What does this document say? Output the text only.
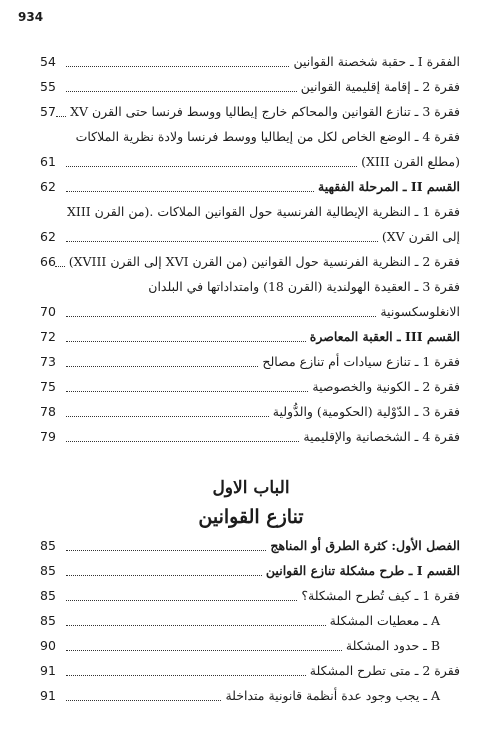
934
الفقرة I ـ حقبة شخصنة القوانين
54
فقرة 2 ـ إقامة إقليمية القوانين
55
فقرة 3 ـ تنازع القوانين والمحاكم خارج إيطاليا ووسط فرنسا حتى القرن XV
57
فقرة 4 ـ الوضع الخاص لكل من إيطاليا ووسط فرنسا ولادة نظرية الملاكات
(مطلع القرن XIII)
61
القسم II ـ المرحلة الفقهية
62
فقرة 1 ـ النظرية الإيطالية الفرنسية حول القوانين الملاكات .(من القرن XIII
إلى القرن XV)
62
فقرة 2 ـ النظرية الفرنسية حول القوانين (من القرن XVI إلى القرن XVIII)
66
فقرة 3 ـ العقيدة الهولندية (القرن 18) وامتداداتها في البلدان
الانغلوسكسونية
70
القسم III ـ العقبة المعاصرة
72
فقرة 1 ـ تنازع سيادات أم تنازع مصالح
73
فقرة 2 ـ الكونية والخصوصية
75
فقرة 3 ـ الدّوْلية (الحكومية) والدُّولية
78
فقرة 4 ـ الشخصانية والإقليمية
79
الباب الاول
تنازع القوانين
الفصل الأول: كثرة الطرق أو المناهج
85
القسم I ـ طرح مشكلة تنازع القوانين
85
فقرة 1 ـ كيف تُطرح المشكلة؟
85
A ـ معطيات المشكلة
85
B ـ حدود المشكلة
90
فقرة 2 ـ متى تطرح المشكلة
91
A ـ يجب وجود عدة أنظمة قانونية متداخلة
91
